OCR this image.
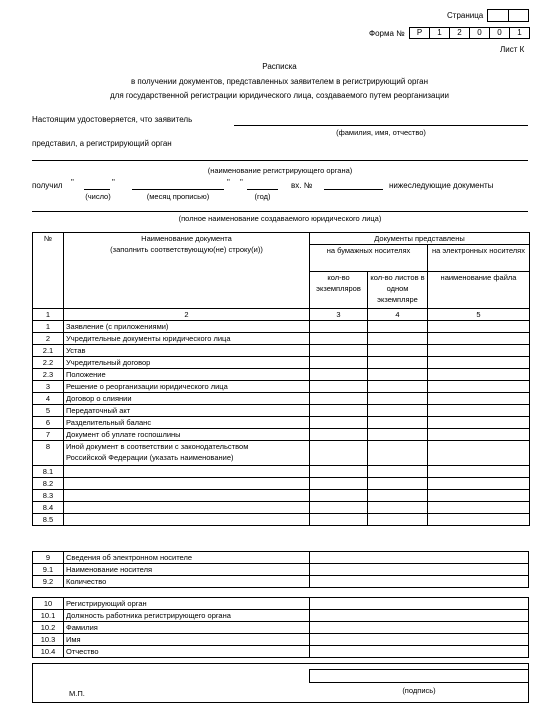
Страница
Форма №	Р	1	2	0	0	1
Лист К
Расписка
в получении документов, представленных заявителем в регистрирующий орган
для государственной регистрации юридического лица, создаваемого путем реорганизации
Настоящим удостоверяется, что заявитель
(фамилия, имя, отчество)
представил, а регистрирующий орган
(наименование регистрирующего органа)
получил "	"	" "	вх. №	нижеследующие документы
(число)	(месяц прописью)	(год)
(полное наименование создаваемого юридического лица)
№	Наименование документа
(заполнить соответствующую(не) строку(и))	Документы представлены		
		на бумажных носителях		на электронных носителях
		кол-во экземпляров	кол-во листов в одном экземпляре	наименование файла
1	2	3	4	5
1	Заявление (с приложениями)			

2	Учредительные документы юридического лица			

2.1	Устав			

2.2	Учредительный договор			

2.3	Положение			

3	Решение о реорганизации юридического лица			

4	Договор о слиянии			

5	Передаточный акт			

6	Разделительный баланс			

7	Документ об уплате госпошлины			

8	Иной документ в соответствии с законодательством
Российской Федерации (указать наименование)			

8.1	

8.2	

8.3	

8.4	

8.5	

9	Сведения об электронном носителе	

9.1	Наименование носителя	

9.2	Количество	

10	Регистрирующий орган	

10.1	Должность работника регистрирующего органа	

10.2	Фамилия	

10.3	Имя	

10.4	Отчество	

М.П.	(подпись)
